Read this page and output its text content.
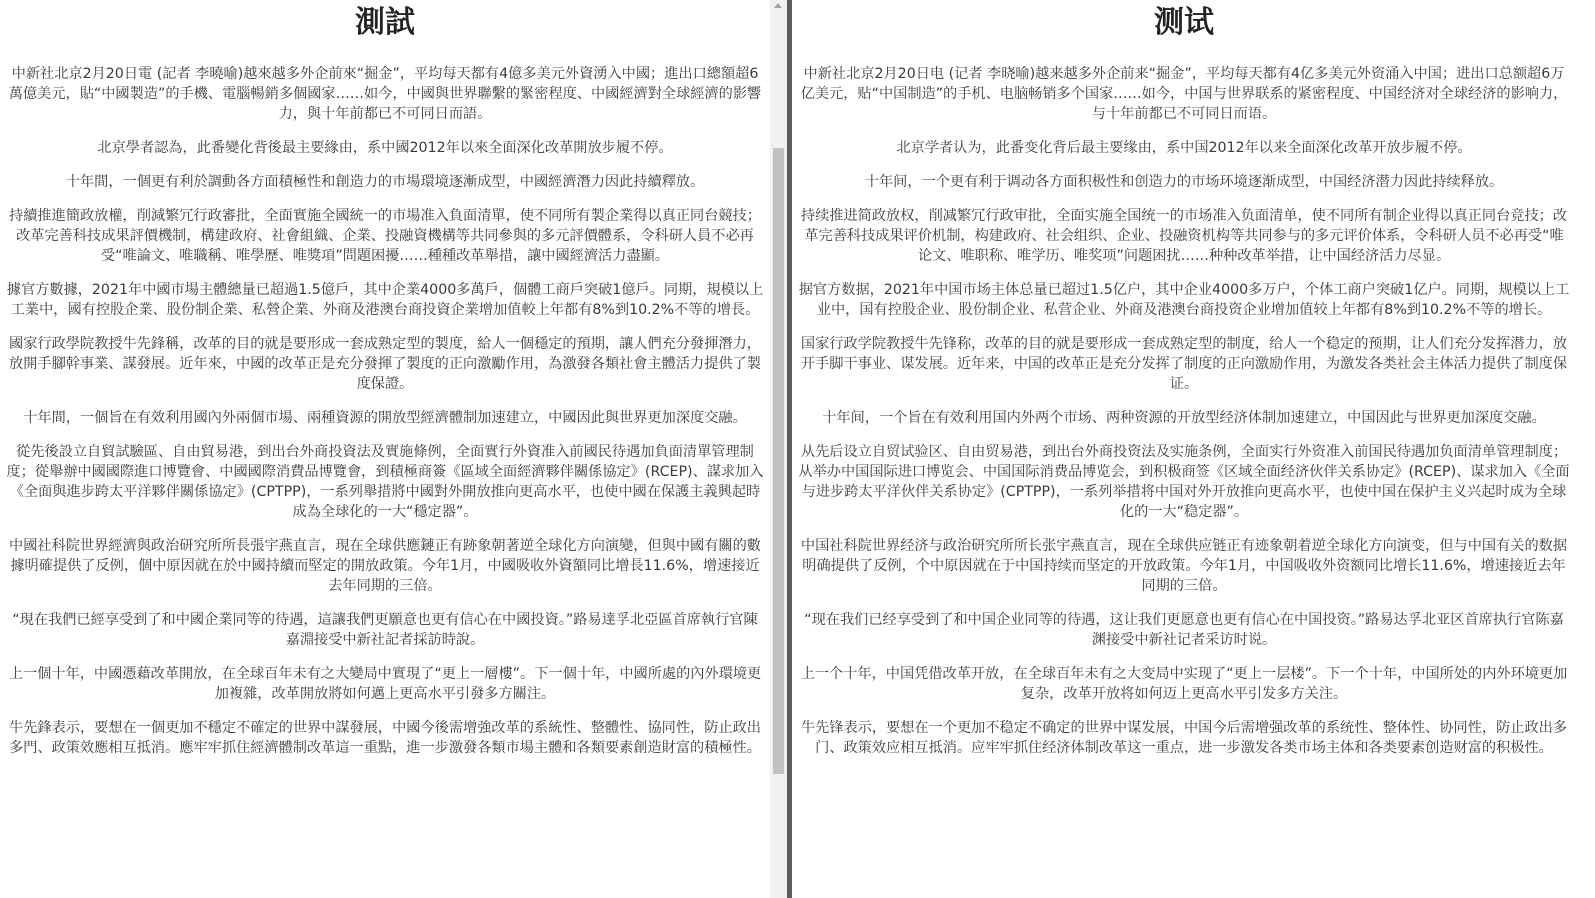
測試

中新社北京2月20日電 (記者 李曉喻)越來越多外企前來“掘金”，平均每天都有4億多美元外資湧入中國；進出口總額超6萬億美元，貼“中國製造”的手機、電腦暢銷多個國家……如今，中國與世界聯繫的緊密程度、中國經濟對全球經濟的影響力，與十年前都已不可同日而語。

北京學者認為，此番變化背後最主要緣由，系中國2012年以來全面深化改革開放步履不停。

十年間，一個更有利於調動各方面積極性和創造力的市場環境逐漸成型，中國經濟潛力因此持續釋放。

持續推進簡政放權，削減繁冗行政審批，全面實施全國統一的市場准入負面清單，使不同所有製企業得以真正同台競技；改革完善科技成果評價機制，構建政府、社會組織、企業、投融資機構等共同參與的多元評價體系，令科研人員不必再受“唯論文、唯職稱、唯學歷、唯獎項”問題困擾……種種改革舉措，讓中國經濟活力盡顯。

據官方數據，2021年中國市場主體總量已超過1.5億戶，其中企業4000多萬戶，個體工商戶突破1億戶。同期，規模以上工業中，國有控股企業、股份制企業、私營企業、外商及港澳台商投資企業增加值較上年都有8%到10.2%不等的增長。

國家行政學院教授牛先鋒稱，改革的目的就是要形成一套成熟定型的製度，給人一個穩定的預期，讓人們充分發揮潛力，放開手腳幹事業、謀發展。近年來，中國的改革正是充分發揮了製度的正向激勵作用，為激發各類社會主體活力提供了製度保證。

十年間，一個旨在有效利用國內外兩個市場、兩種資源的開放型經濟體制加速建立，中國因此與世界更加深度交融。

從先後設立自貿試驗區、自由貿易港，到出台外商投資法及實施條例，全面實行外資准入前國民待遇加負面清單管理制度；從舉辦中國國際進口博覽會、中國國際消費品博覽會，到積極商簽《區域全面經濟夥伴關係協定》(RCEP)、謀求加入《全面與進步跨太平洋夥伴關係協定》(CPTPP)，一系列舉措將中國對外開放推向更高水平，也使中國在保護主義興起時成為全球化的一大“穩定器”。

中國社科院世界經濟與政治研究所所長張宇燕直言，現在全球供應鏈正有跡象朝著逆全球化方向演變，但與中國有關的數據明確提供了反例，個中原因就在於中國持續而堅定的開放政策。今年1月，中國吸收外資額同比增長11.6%，增速接近去年同期的三倍。

“現在我們已經享受到了和中國企業同等的待遇，這讓我們更願意也更有信心在中國投資。”路易達孚北亞區首席執行官陳嘉淵接受中新社記者採訪時說。

上一個十年，中國憑藉改革開放，在全球百年未有之大變局中實現了“更上一層樓”。下一個十年，中國所處的內外環境更加複雜，改革開放將如何邁上更高水平引發多方關注。

牛先鋒表示，要想在一個更加不穩定不確定的世界中謀發展，中國今後需增強改革的系統性、整體性、協同性，防止政出多門、政策效應相互抵消。應牢牢抓住經濟體制改革這一重點，進一步激發各類市場主體和各類要素創造財富的積極性。

测试

中新社北京2月20日电 (记者 李晓喻)越来越多外企前来“掘金”，平均每天都有4亿多美元外资涌入中国；进出口总额超6万亿美元，贴“中国制造”的手机、电脑畅销多个国家……如今，中国与世界联系的紧密程度、中国经济对全球经济的影响力，与十年前都已不可同日而语。

北京学者认为，此番变化背后最主要缘由，系中国2012年以来全面深化改革开放步履不停。

十年间，一个更有利于调动各方面积极性和创造力的市场环境逐渐成型，中国经济潜力因此持续释放。

持续推进简政放权，削减繁冗行政审批，全面实施全国统一的市场准入负面清单，使不同所有制企业得以真正同台竞技；改革完善科技成果评价机制，构建政府、社会组织、企业、投融资机构等共同参与的多元评价体系，令科研人员不必再受“唯论文、唯职称、唯学历、唯奖项”问题困扰……种种改革举措，让中国经济活力尽显。

据官方数据，2021年中国市场主体总量已超过1.5亿户，其中企业4000多万户，个体工商户突破1亿户。同期，规模以上工业中，国有控股企业、股份制企业、私营企业、外商及港澳台商投资企业增加值较上年都有8%到10.2%不等的增长。

国家行政学院教授牛先锋称，改革的目的就是要形成一套成熟定型的制度，给人一个稳定的预期，让人们充分发挥潜力，放开手脚干事业、谋发展。近年来，中国的改革正是充分发挥了制度的正向激励作用，为激发各类社会主体活力提供了制度保证。

十年间，一个旨在有效利用国内外两个市场、两种资源的开放型经济体制加速建立，中国因此与世界更加深度交融。

从先后设立自贸试验区、自由贸易港，到出台外商投资法及实施条例，全面实行外资准入前国民待遇加负面清单管理制度；从举办中国国际进口博览会、中国国际消费品博览会，到积极商签《区域全面经济伙伴关系协定》(RCEP)、谋求加入《全面与进步跨太平洋伙伴关系协定》(CPTPP)，一系列举措将中国对外开放推向更高水平，也使中国在保护主义兴起时成为全球化的一大“稳定器”。

中国社科院世界经济与政治研究所所长张宇燕直言，现在全球供应链正有迹象朝着逆全球化方向演变，但与中国有关的数据明确提供了反例，个中原因就在于中国持续而坚定的开放政策。今年1月，中国吸收外资额同比增长11.6%，增速接近去年同期的三倍。

“现在我们已经享受到了和中国企业同等的待遇，这让我们更愿意也更有信心在中国投资。”路易达孚北亚区首席执行官陈嘉渊接受中新社记者采访时说。

上一个十年，中国凭借改革开放，在全球百年未有之大变局中实现了“更上一层楼”。下一个十年，中国所处的内外环境更加复杂，改革开放将如何迈上更高水平引发多方关注。

牛先锋表示，要想在一个更加不稳定不确定的世界中谋发展，中国今后需增强改革的系统性、整体性、协同性，防止政出多门、政策效应相互抵消。应牢牢抓住经济体制改革这一重点，进一步激发各类市场主体和各类要素创造财富的积极性。
